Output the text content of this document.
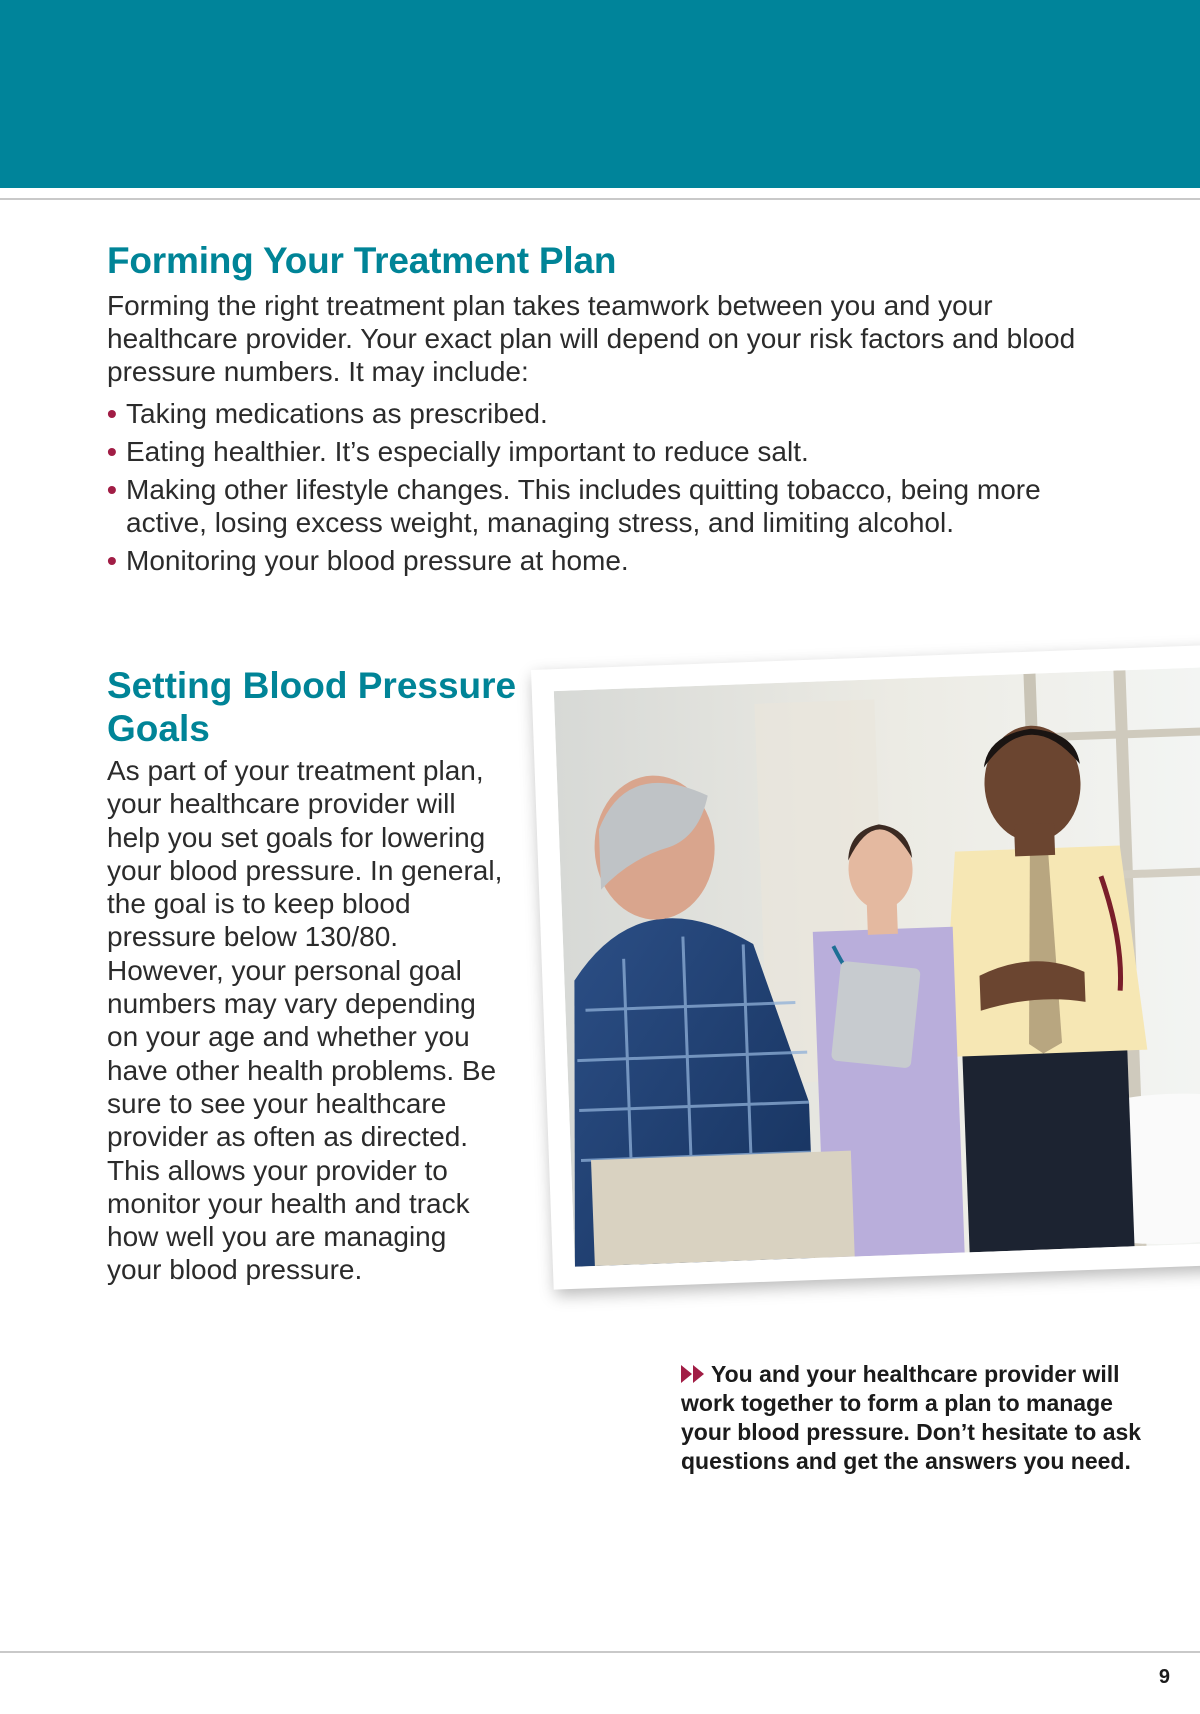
Forming Your Treatment Plan

Forming the right treatment plan takes teamwork between you and your healthcare provider. Your exact plan will depend on your risk factors and blood pressure numbers. It may include:

• Taking medications as prescribed.
• Eating healthier. It’s especially important to reduce salt.
• Making other lifestyle changes. This includes quitting tobacco, being more active, losing excess weight, managing stress, and limiting alcohol.
• Monitoring your blood pressure at home.
Setting Blood Pressure Goals

As part of your treatment plan, your healthcare provider will help you set goals for lowering your blood pressure. In general, the goal is to keep blood pressure below 130/80. However, your personal goal numbers may vary depending on your age and whether you have other health problems. Be sure to see your healthcare provider as often as directed. This allows your provider to monitor your health and track how well you are managing your blood pressure.

You and your healthcare provider will work together to form a plan to manage your blood pressure. Don’t hesitate to ask questions and get the answers you need.

9
